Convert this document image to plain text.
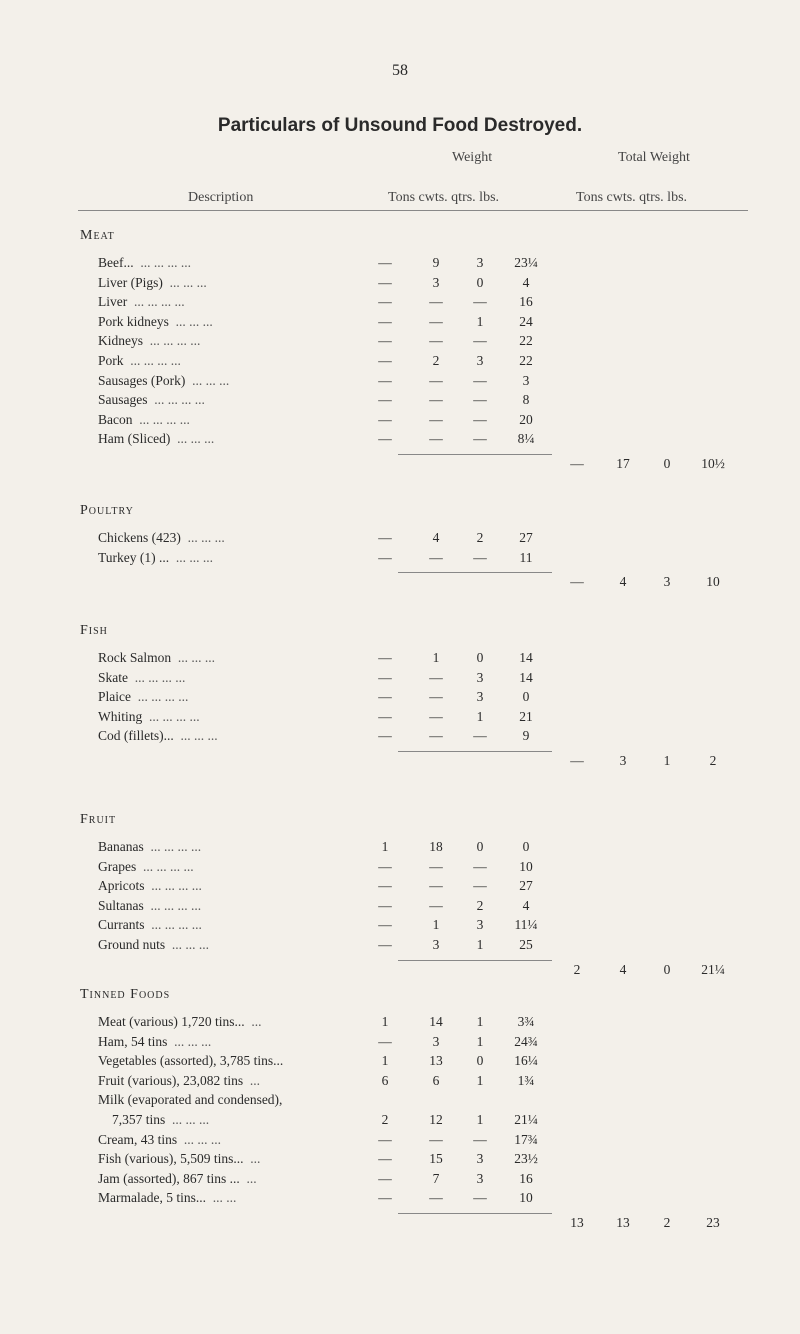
58
Particulars of Unsound Food Destroyed.
Weight	Total Weight
Description	Tons cwts. qtrs. lbs.	Tons cwts. qtrs. lbs.
Meat
Beef...  ... ... ... ...	—	9	3	23¼
Liver (Pigs)  ... ... ...	—	3	0	4
Liver  ... ... ... ...	—	—	—	16
Pork kidneys  ... ... ...	—	—	1	24
Kidneys  ... ... ... ...	—	—	—	22
Pork  ... ... ... ...	—	2	3	22
Sausages (Pork)  ... ... ...	—	—	—	3
Sausages  ... ... ... ...	—	—	—	8
Bacon  ... ... ... ...	—	—	—	20
Ham (Sliced)  ... ... ...	—	—	—	8¼
—	17	0	10½
Poultry
Chickens (423)  ... ... ...	—	4	2	27
Turkey (1) ...  ... ... ...	—	—	—	11
—	4	3	10
Fish
Rock Salmon  ... ... ...	—	1	0	14
Skate  ... ... ... ...	—	—	3	14
Plaice  ... ... ... ...	—	—	3	0
Whiting  ... ... ... ...	—	—	1	21
Cod (fillets)...  ... ... ...	—	—	—	9
—	3	1	2
Fruit
Bananas  ... ... ... ...	1	18	0	0
Grapes  ... ... ... ...	—	—	—	10
Apricots  ... ... ... ...	—	—	—	27
Sultanas  ... ... ... ...	—	—	2	4
Currants  ... ... ... ...	—	1	3	11¼
Ground nuts  ... ... ...	—	3	1	25
2	4	0	21¼
Tinned Foods
Meat (various) 1,720 tins...  ...	1	14	1	3¾
Ham, 54 tins  ... ... ...	—	3	1	24¾
Vegetables (assorted), 3,785 tins...	1	13	0	16¼
Fruit (various), 23,082 tins  ...	6	6	1	1¾
Milk (evaporated and condensed),
7,357 tins  ... ... ...	2	12	1	21¼
Cream, 43 tins  ... ... ...	—	—	—	17¾
Fish (various), 5,509 tins...  ...	—	15	3	23½
Jam (assorted), 867 tins ...  ...	—	7	3	16
Marmalade, 5 tins...  ... ...	—	—	—	10
13	13	2	23
